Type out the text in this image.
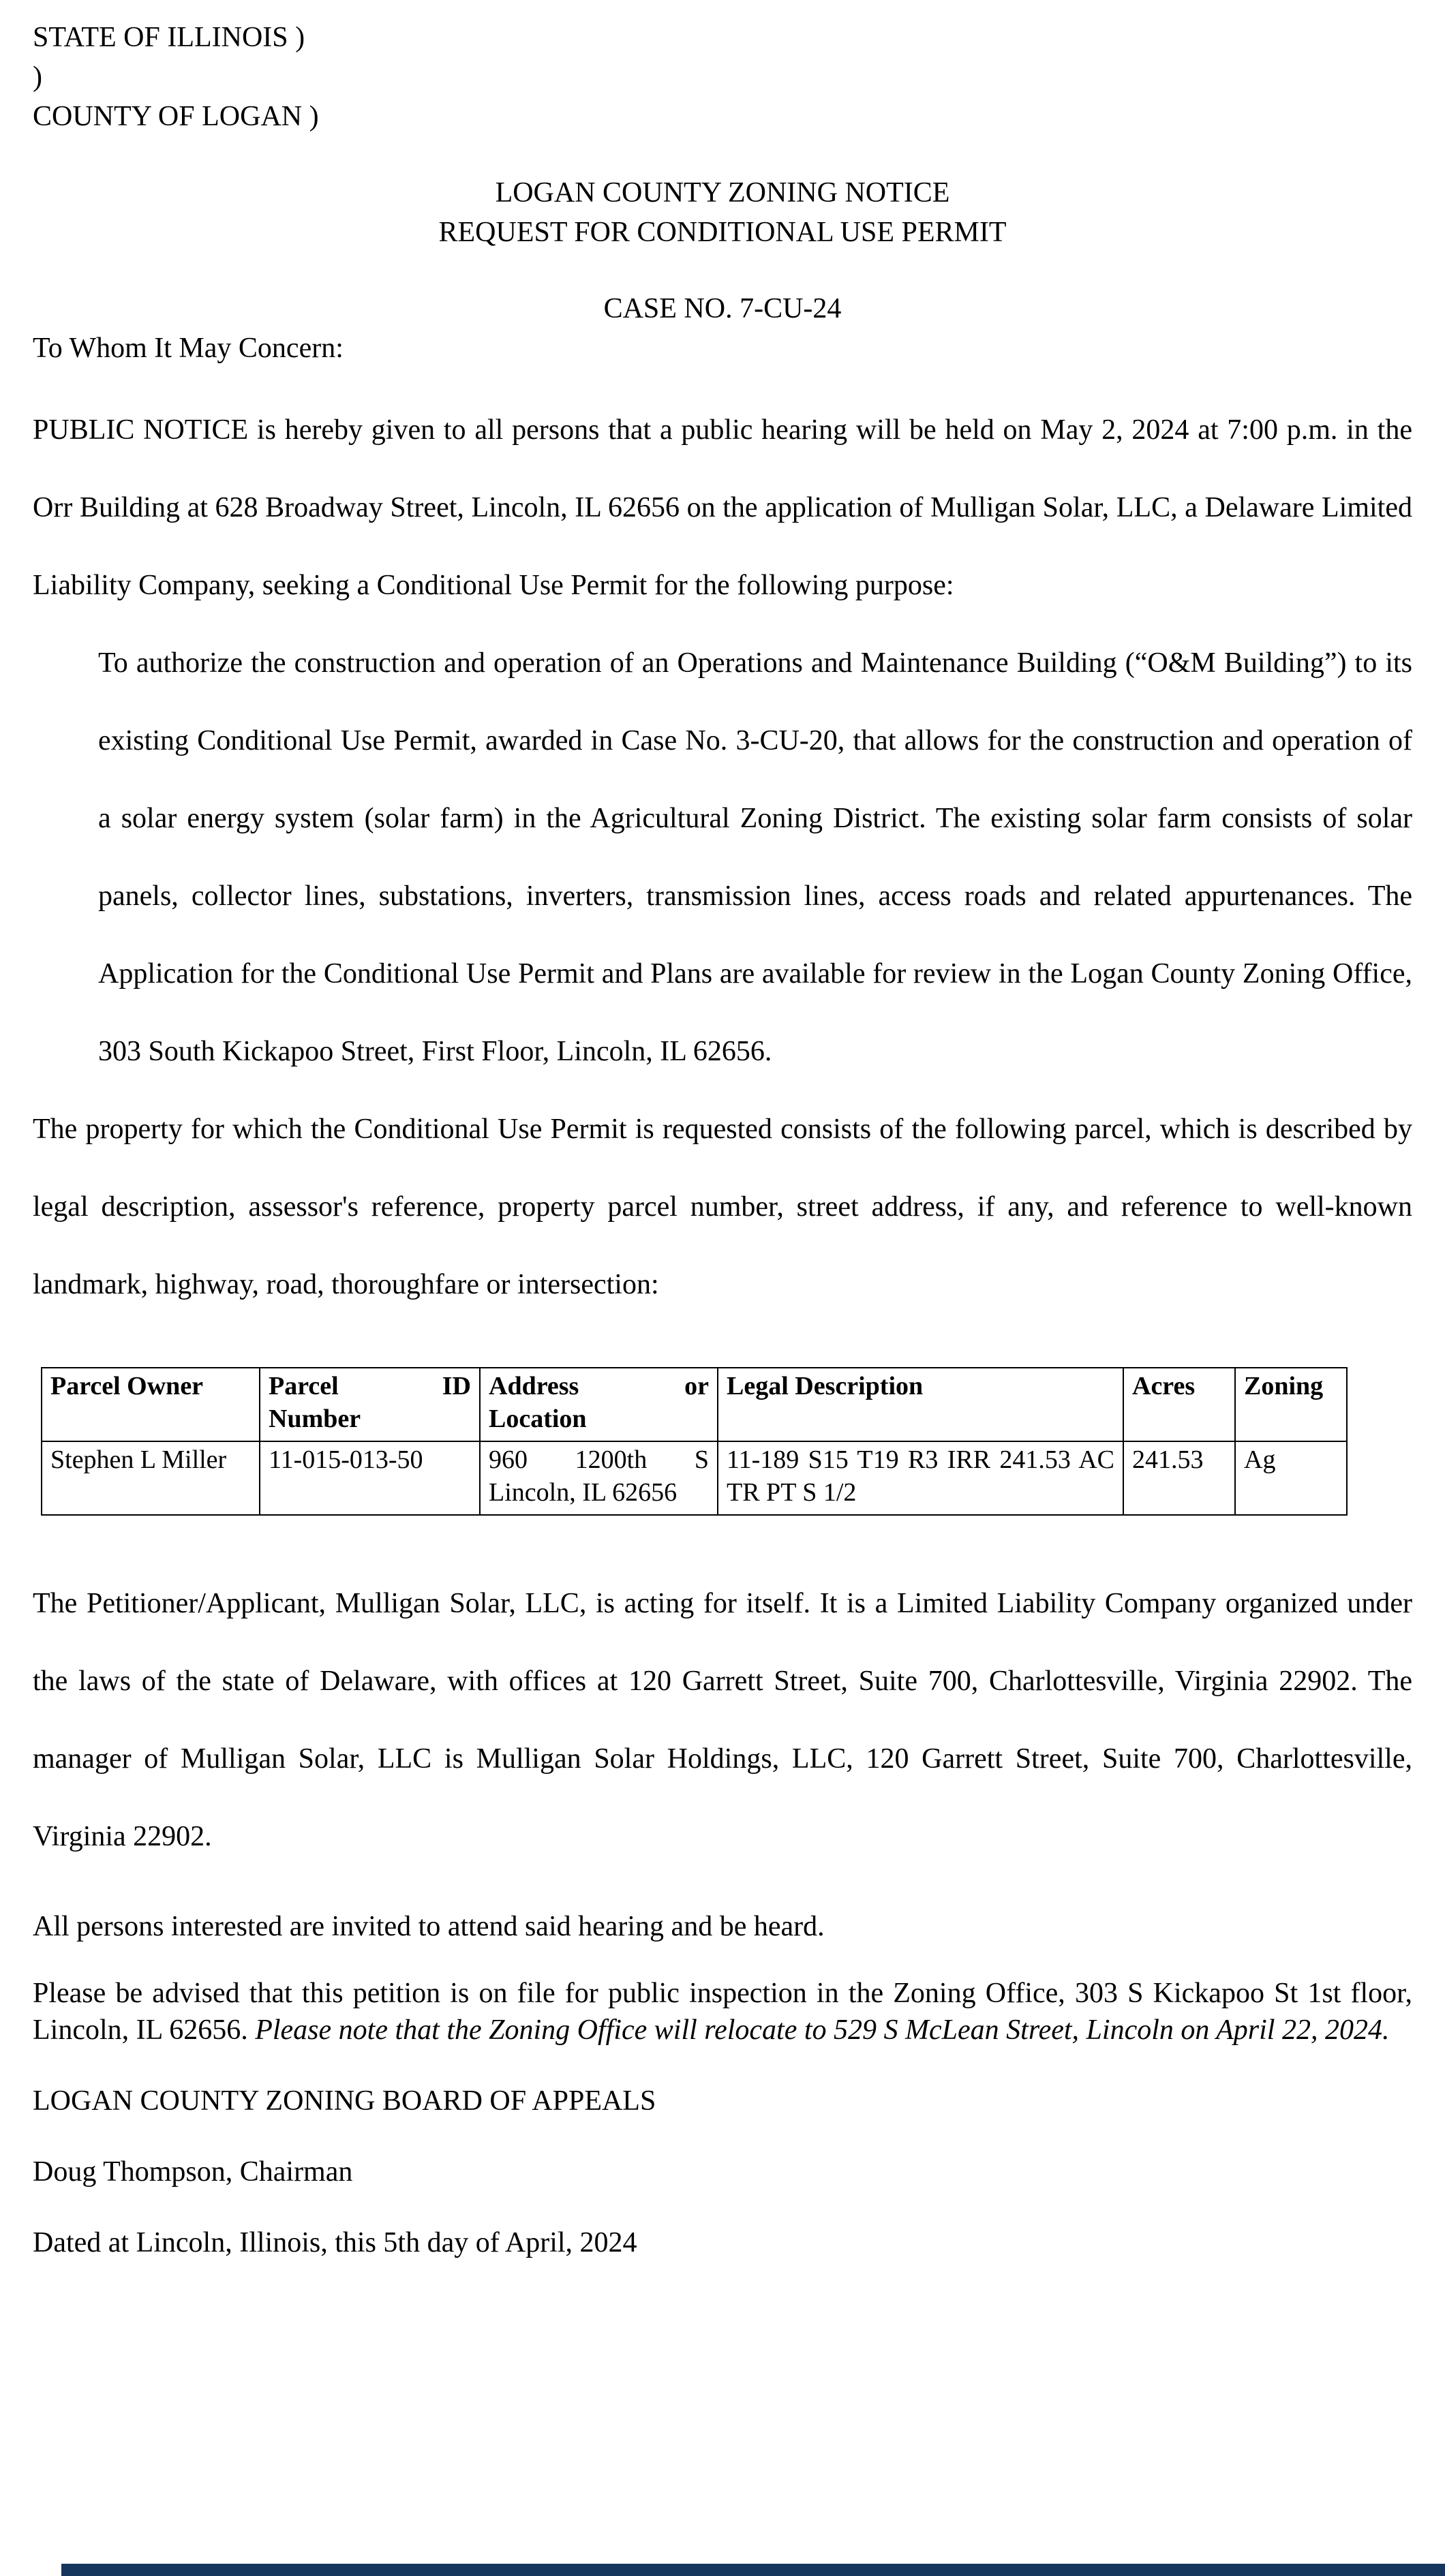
STATE OF ILLINOIS )
)
COUNTY OF LOGAN )
LOGAN COUNTY ZONING NOTICE
REQUEST FOR CONDITIONAL USE PERMIT
CASE NO. 7-CU-24
To Whom It May Concern:

PUBLIC NOTICE is hereby given to all persons that a public hearing will be held on May 2, 2024 at 7:00 p.m. in the Orr Building at 628 Broadway Street, Lincoln, IL 62656 on the application of Mulligan Solar, LLC, a Delaware Limited Liability Company, seeking a Conditional Use Permit for the following purpose:

To authorize the construction and operation of an Operations and Maintenance Building (“O&M Building”) to its existing Conditional Use Permit, awarded in Case No. 3-CU-20, that allows for the construction and operation of a solar energy system (solar farm) in the Agricultural Zoning District. The existing solar farm consists of solar panels, collector lines, substations, inverters, transmission lines, access roads and related appurtenances. The Application for the Conditional Use Permit and Plans are available for review in the Logan County Zoning Office, 303 South Kickapoo Street, First Floor, Lincoln, IL 62656.

The property for which the Conditional Use Permit is requested consists of the following parcel, which is described by legal description, assessor's reference, property parcel number, street address, if any, and reference to well-known landmark, highway, road, thoroughfare or intersection:

Parcel Owner	Parcel ID Number	Address or Location	Legal Description	Acres	Zoning
Stephen L Miller	11-015-013-50	960 1200th S Lincoln, IL 62656	11-189 S15 T19 R3 IRR 241.53 AC TR PT S 1/2	241.53	Ag

The Petitioner/Applicant, Mulligan Solar, LLC, is acting for itself. It is a Limited Liability Company organized under the laws of the state of Delaware, with offices at 120 Garrett Street, Suite 700, Charlottesville, Virginia 22902. The manager of Mulligan Solar, LLC is Mulligan Solar Holdings, LLC, 120 Garrett Street, Suite 700, Charlottesville, Virginia 22902.

All persons interested are invited to attend said hearing and be heard.

Please be advised that this petition is on file for public inspection in the Zoning Office, 303 S Kickapoo St 1st floor, Lincoln, IL 62656. Please note that the Zoning Office will relocate to 529 S McLean Street, Lincoln on April 22, 2024.

LOGAN COUNTY ZONING BOARD OF APPEALS

Doug Thompson, Chairman

Dated at Lincoln, Illinois, this 5th day of April, 2024
